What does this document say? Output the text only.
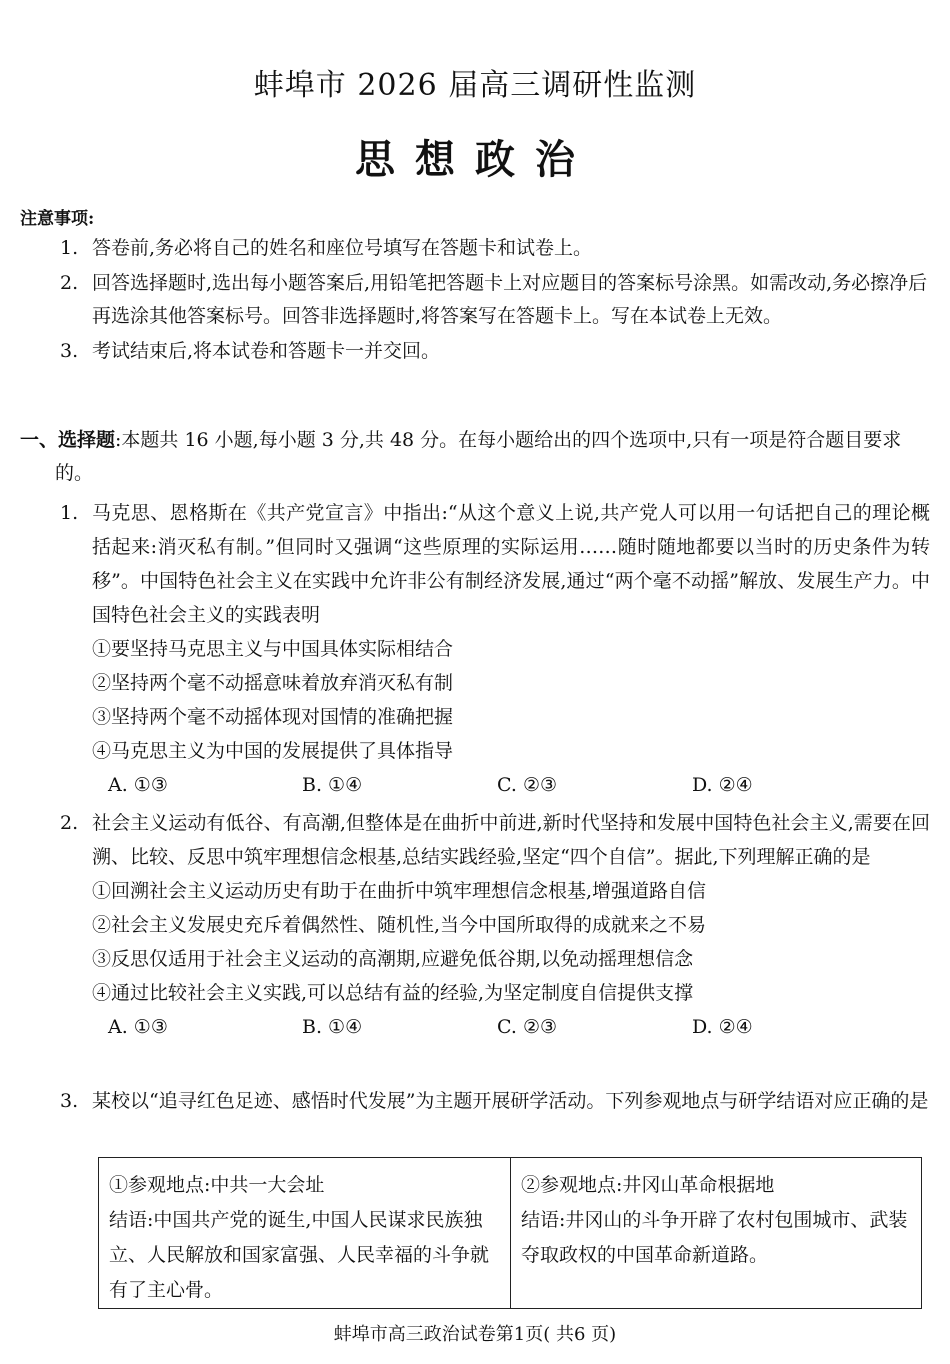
蚌埠市 2026 届高三调研性监测
思想政治
注意事项:
1. 答卷前,务必将自己的姓名和座位号填写在答题卡和试卷上。
2. 回答选择题时,选出每小题答案后,用铅笔把答题卡上对应题目的答案标号涂黑。如需改动,务必擦净后再选涂其他答案标号。回答非选择题时,将答案写在答题卡上。写在本试卷上无效。
3. 考试结束后,将本试卷和答题卡一并交回。
一、选择题:本题共 16 小题,每小题 3 分,共 48 分。在每小题给出的四个选项中,只有一项是符合题目要求的。
1. 马克思、恩格斯在《共产党宣言》中指出:“从这个意义上说,共产党人可以用一句话把自己的理论概括起来:消灭私有制。”但同时又强调“这些原理的实际运用……随时随地都要以当时的历史条件为转移”。中国特色社会主义在实践中允许非公有制经济发展,通过“两个毫不动摇”解放、发展生产力。中国特色社会主义的实践表明
①要坚持马克思主义与中国具体实际相结合
②坚持两个毫不动摇意味着放弃消灭私有制
③坚持两个毫不动摇体现对国情的准确把握
④马克思主义为中国的发展提供了具体指导
A. ①③	B. ①④	C. ②③	D. ②④
2. 社会主义运动有低谷、有高潮,但整体是在曲折中前进,新时代坚持和发展中国特色社会主义,需要在回溯、比较、反思中筑牢理想信念根基,总结实践经验,坚定“四个自信”。据此,下列理解正确的是
①回溯社会主义运动历史有助于在曲折中筑牢理想信念根基,增强道路自信
②社会主义发展史充斥着偶然性、随机性,当今中国所取得的成就来之不易
③反思仅适用于社会主义运动的高潮期,应避免低谷期,以免动摇理想信念
④通过比较社会主义实践,可以总结有益的经验,为坚定制度自信提供支撑
A. ①③	B. ①④	C. ②③	D. ②④
3. 某校以“追寻红色足迹、感悟时代发展”为主题开展研学活动。下列参观地点与研学结语对应正确的是
①参观地点:中共一大会址
结语:中国共产党的诞生,中国人民谋求民族独立、人民解放和国家富强、人民幸福的斗争就有了主心骨。
②参观地点:井冈山革命根据地
结语:井冈山的斗争开辟了农村包围城市、武装夺取政权的中国革命新道路。
蚌埠市高三政治试卷第1页( 共6 页)
